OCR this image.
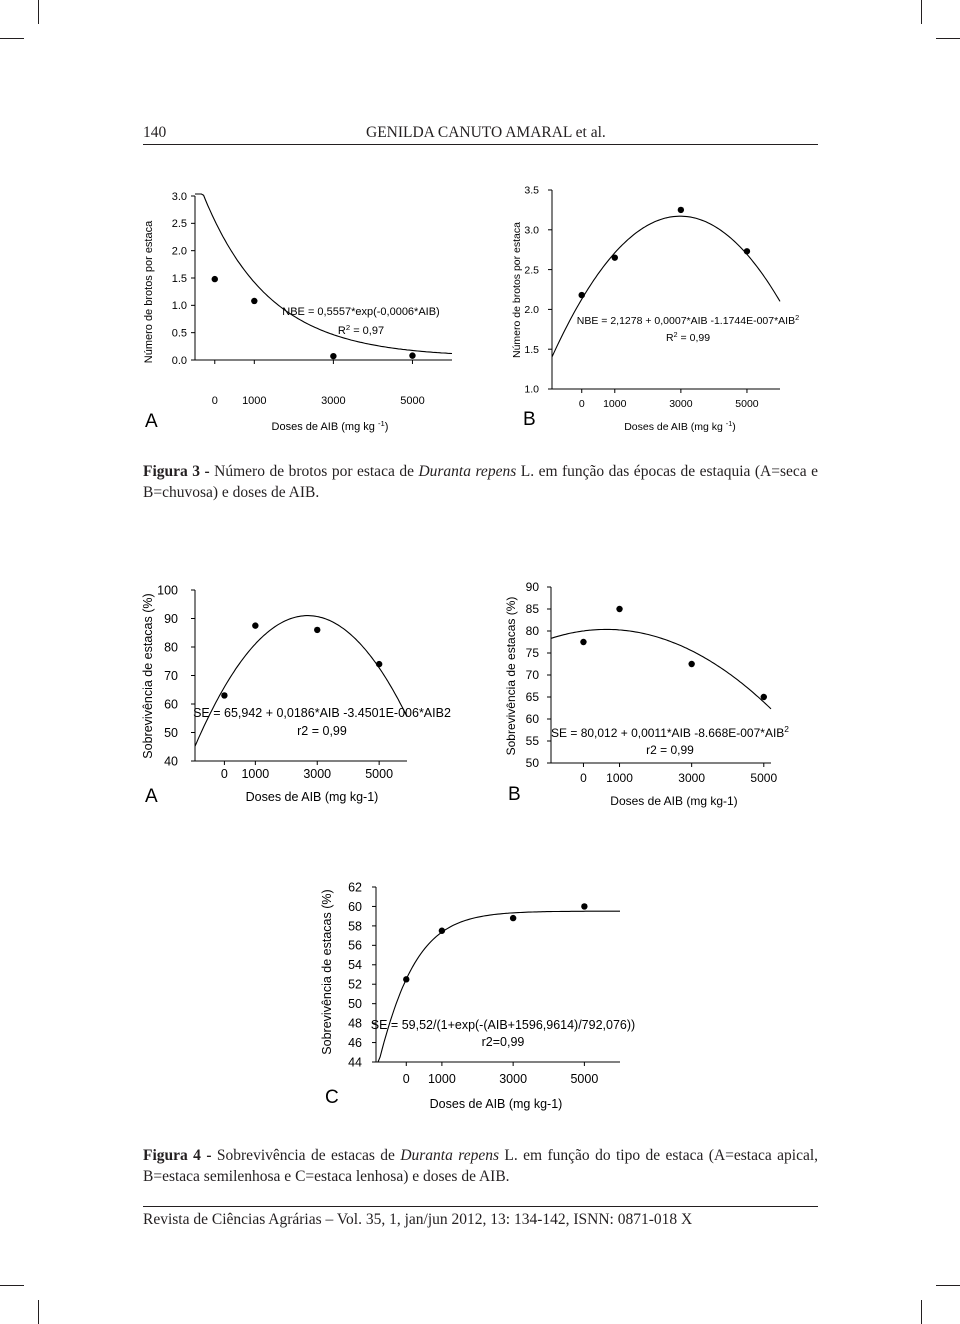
140	GENILDA CANUTO AMARAL et al.
0.0
0.5
1.0
1.5
2.0
2.5
3.0
0 1000	3000	5000
Doses de AIB (mg kg $^{-1}$)
Número de brotos por estaca
A
NBE = 0,5557*exp(-0,0006*AIB)
$R^2 = 0,97$
1.0
1.5
2.0
2.5
3.0
3.5
0 1000	3000	5000
Doses de AIB (mg kg $^{-1}$)
Número de brotos por estaca
B
NBE = 2,1278 + 0,0007*AIB -1.1744E-007*AIB$^2$
$R^2 = 0,99$
40
50
60
70
80
90
100
0 1000	3000	5000
Doses de AIB (mg kg-1)
Sobrevivência de estacas (%)
A
SE = 65,942 + 0,0186*AIB -3.4501E-006*AIB2
r2 = 0,99
50
55
60
65
70
75
80
85
90
0 1000	3000	5000
Doses de AIB (mg kg-1)
Sobrevivência de estacas (%)
B
SE = 80,012 + 0,0011*AIB -8.668E-007*AIB$^2$
r2 = 0,99
44
46
48
50
52
54
56
58
60
62
0 1000	3000	5000
Doses de AIB (mg kg-1)
Sobrevivência de estacas (%)
C
SE = 59,52/(1+exp(-(AIB+1596,9614)/792,076))
r2=0,99
Figura 3 - Número de brotos por estaca de Duranta repens L. em função das épocas de estaquia (A=seca e B=chuvosa) e doses de AIB.
Figura 4 - Sobrevivência de estacas de Duranta repens L. em função do tipo de estaca (A=estaca apical, B=estaca semilenhosa e C=estaca lenhosa) e doses de AIB.
Revista de Ciências Agrárias – Vol. 35, 1, jan/jun 2012, 13: 134-142, ISNN: 0871-018 X
